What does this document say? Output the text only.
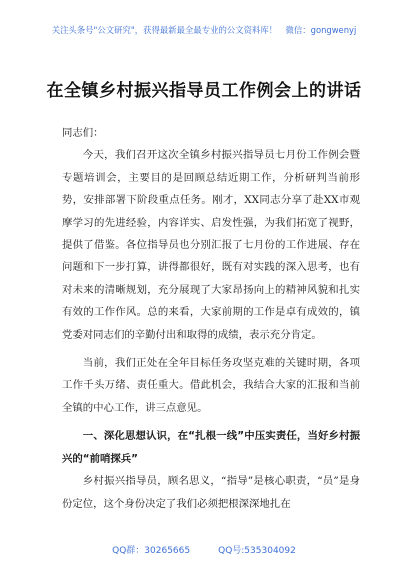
关注头条号"公文研究"，获得最新最全最专业的公文资料库！　微信：gongwenyj
在全镇乡村振兴指导员工作例会上的讲话

同志们：

今天，我们召开这次全镇乡村振兴指导员七月份工作例会暨专题培训会，主要目的是回顾总结近期工作，分析研判当前形势，安排部署下阶段重点任务。刚才，XX同志分享了赴XX市观摩学习的先进经验，内容详实、启发性强，为我们拓宽了视野，提供了借鉴。各位指导员也分别汇报了七月份的工作进展、存在问题和下一步打算，讲得都很好，既有对实践的深入思考，也有对未来的清晰规划，充分展现了大家昂扬向上的精神风貌和扎实有效的工作作风。总的来看，大家前期的工作是卓有成效的，镇党委对同志们的辛勤付出和取得的成绩，表示充分肯定。

当前，我们正处在全年目标任务攻坚克难的关键时期，各项工作千头万绪、责任重大。借此机会，我结合大家的汇报和当前全镇的中心工作，讲三点意见。

一、深化思想认识，在“扎根一线”中压实责任，当好乡村振兴的“前哨探兵”

乡村振兴指导员，顾名思义，“指导”是核心职责，“员”是身份定位，这个身份决定了我们必须把根深深地扎在

QQ群：30265665	QQ号:535304092
